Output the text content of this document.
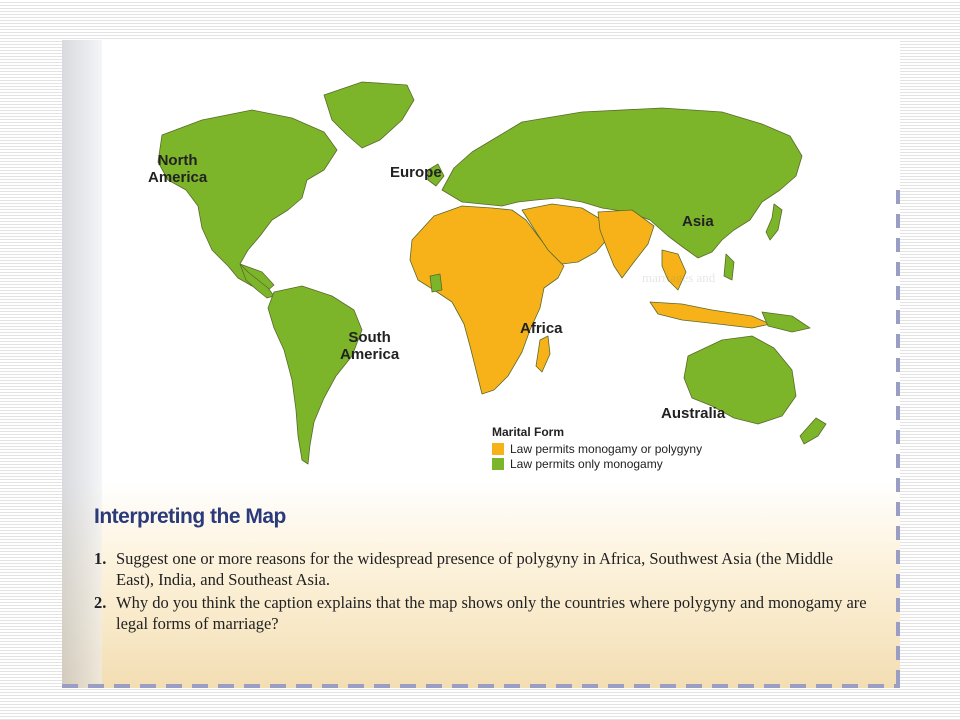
North
America	Europe
Asia
South
America
Africa
Australia
Marital Form
Law permits monogamy or polygyny
Law permits only monogamy
Interpreting the Map
1. Suggest one or more reasons for the widespread presence of polygyny in Africa, Southwest Asia (the Middle East), India, and Southeast Asia.
2. Why do you think the caption explains that the map shows only the countries where polygyny and monogamy are legal forms of marriage?
marriages and
